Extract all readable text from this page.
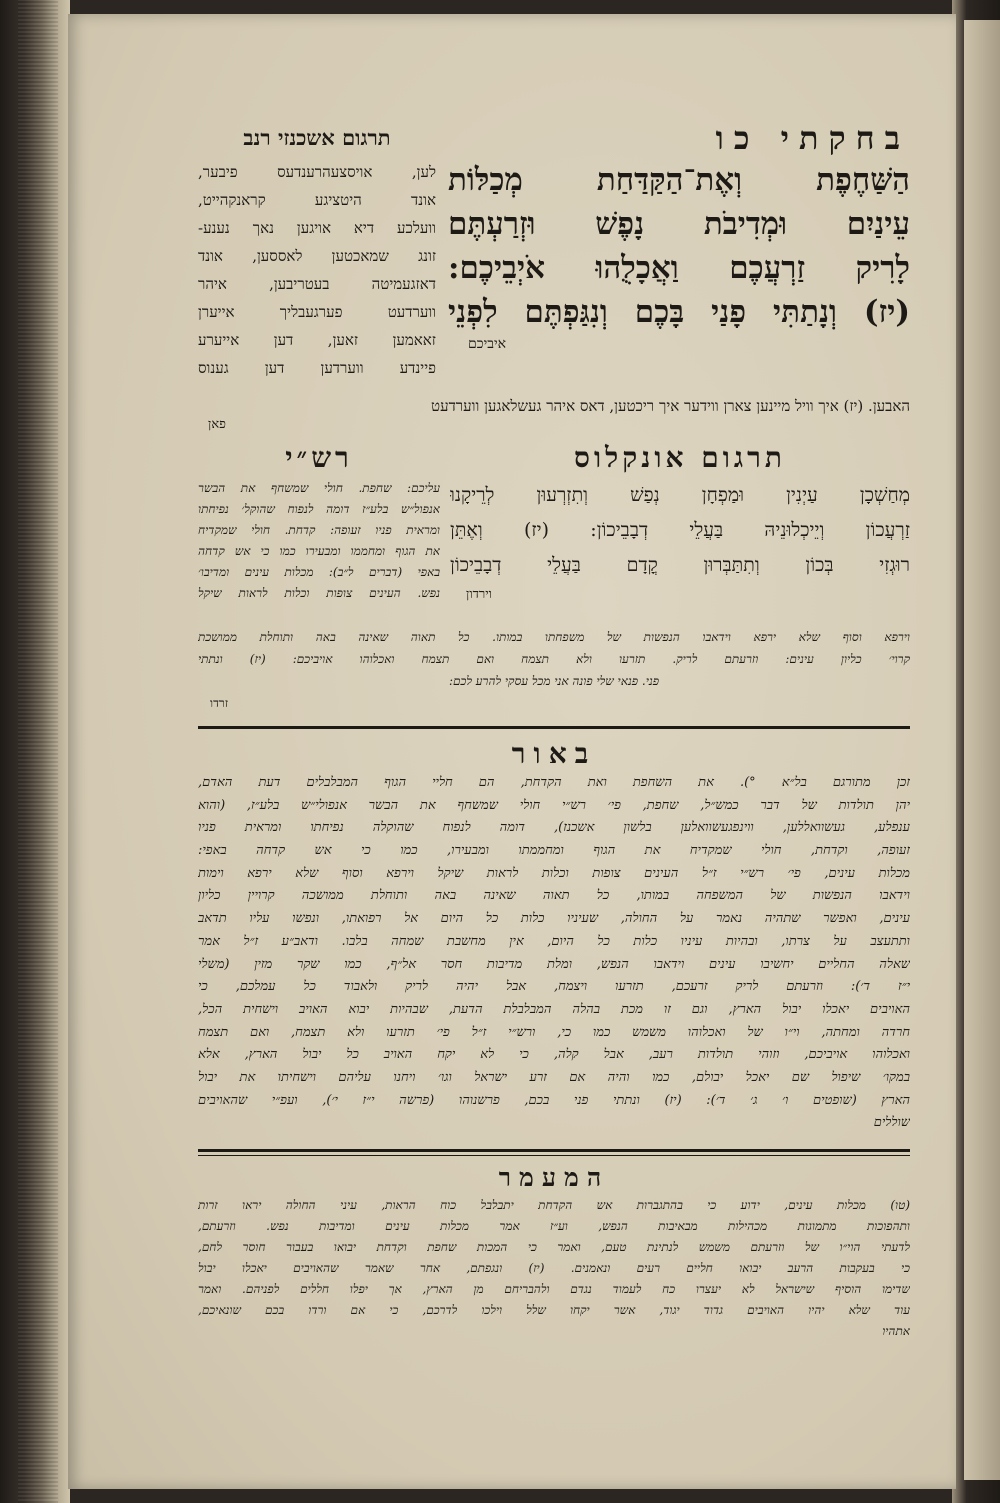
בחקתי כו
הַשַּׁחֶפֶת וְאֶת־הַקַּדַּחַת מְכַלּוֹת
עֵינַיִם וּמְדִיבֹת נָפֶשׁ וּזְרַעְתֶּם
לָרִיק זַרְעֲכֶם וַאֲכָלֻהוּ אֹיְבֵיכֶם:
(יז) וְנָתַתִּי פָנַי בָּכֶם וְנִגַּפְתֶּם לִפְנֵי
איביכם
תרגום אשכנזי רנב
לען, אויסצעהרענדעס פיבער,
אונד היטציגע קראנקהייט,
וועלכע דיא אויגען נאך נענע-
זונג שמאכטען לאססען, אונד
דאזגעמיטה בעטריבען, איהר
ווערדעט פערגעבליך אייערן
זאאמען זאען, דען אייערע
פיינדע ווערדען דען גענוס
האבען. (יז) איך וויל מיינען צארן ווידער איך ריכטען, דאס איהר געשלאגען ווערדעט
פאן
תרגום אונקלוס
מְחַשְׁכָן עַיְנִין וּמַפְחָן נְפַשׁ וְתִזְרְעוּן לְרֵיקָנוּ
זַרְעֲכוֹן וְיֵיכְלוּנֵיהּ בַּעֲלֵי דְבָבֵיכוֹן: (יז) וְאֶתֵּן
רוּגְזִי בְּכוֹן וְתִתַּבְּרוּן קֳדָם בַּעֲלֵי דְבָבֵיכוֹן
וירדון
רש״י
עליכם: שחפת. חולי שמשחף את הבשר
אנפול״ש בלע״ז דומה לנפוח שהוקל׳ נפיחתו
ומראית פניו זעופה: קדחת. חולי שמקדיח
את הגוף ומחממו ומבעירו כמו כי אש קדחה
באפי (דברים ל״ב): מכלות עינים ומדיבו׳
נפש. העינים צופות וכלות לראות שיקל
וירפא וסוף שלא ירפא וידאבו הנפשות של משפחתו במותו. כל תאוה שאינה באה ותוחלת ממושכת
קרוי׳ כליון עינים: וזרעתם לריק. תזרעו ולא תצמח ואם תצמח ואכלוהו אויביכם: (יז) ונתתי
פני. פנאי שלי פונה אני מכל עסקי להרע לכם:
זרדו
באור
זכן מתורגם בל״א °). את השחפת ואת הקדחת, הם חליי הגוף המבלבלים דעת האדם,
יהן תולדות של דבר כמש״ל, שחפת, פי׳ רש״י חולי שמשחף את הבשר אנפולי״ש בלע״ז, (והוא
ענפלע, געשוואללען, ווינפגעשוואלען בלשון אשכנז), דומה לנפוח שהוקלה נפיחתו ומראית פניו
זעופה, וקדחת, חולי שמקדיח את הגוף ומחממתו ומבעירו, כמו כי אש קדחה באפי:
מכלות עינים, פי׳ רש״י ז״ל העינים צופות וכלות לראות שיקל וירפא וסוף שלא ירפא וימות
וידאבו הנפשות של המשפחה במותו, כל תאוה שאינה באה ותוחלת ממושכה קרויין כליון
עינים, ואפשר שתהיה נאמר על החולה, שעיניו כלות כל היום אל רפואתו, ונפשו עליו תדאב
ותתעצב על צרתו, ובהיות עיניו כלות כל היום, אין מחשבת שמחה בלבו. ודאב״ע ז״ל אמר
שאלה החליים יחשיבו עינים וידאבו הנפש, ומלת מדיבות חסר אל״ף, כמו שקר מזין (משלי
י״ז ד׳): וזרעתם לריק זרעכם, תזרעו ויצמח, אבל יהיה לריק ולאבוד כל עמלכם, כי
האויבים יאכלו יבול הארץ, וגם זו מכת בהלה המבלבלת הדעת, שבהיות יבוא האויב וישחית הכל,
חרדה ומחתה, וי״ו של ואכלוהו משמש כמו כי, ורש״י ז״ל פי׳ תזרעו ולא תצמח, ואם תצמח
ואכלוהו אויביכם, וזוהי תולדות רעב, אבל קלה, כי לא יקח האויב כל יבול הארץ, אלא
במקו׳ שיפול שם יאכל יבולם, כמו והיה אם זרע ישראל וגו׳ ויחנו עליהם וישחיתו את יבול
הארץ (שופטים ו׳ ג׳ ד׳): (יז) ונתתי פני בכם, פרשנוהו (פרשה י״ז י׳), ועפ״י שהאויבים
שוללים
המעמר
(טו) מכלות עינים, ידוע כי בהתגברות אש הקדחת יתבלבל כוח הראות, עיני החולה יראו זרות
ותהפוכות מתמוגות מכהילות מבאיבות הנפש, וע״ז אמר מכלות עינים ומדיבות נפש. וזרעתם,
לדעתי הוי״ו של וזרעתם משמש לנתינת טעם, ואמר כי המכות שחפת וקדחת יבואו בעבור חוסר לחם,
כי בעקבות הרעב יבואו חליים רעים ונאמנים. (יז) ונגפתם, אחר שאמר שהאויבים יאכלו יבול
שדימו הוסיף שישראל לא יעצרו כח לעמוד נגדם ולהבריחם מן הארץ, אך יפלו חללים לפניהם. ואמר
עוד שלא יהיו האויבים גדוד יגוד, אשר יקחו שלל וילכו לדרכם, כי אם ורדו בכם שונאיכם,
אתהיו
